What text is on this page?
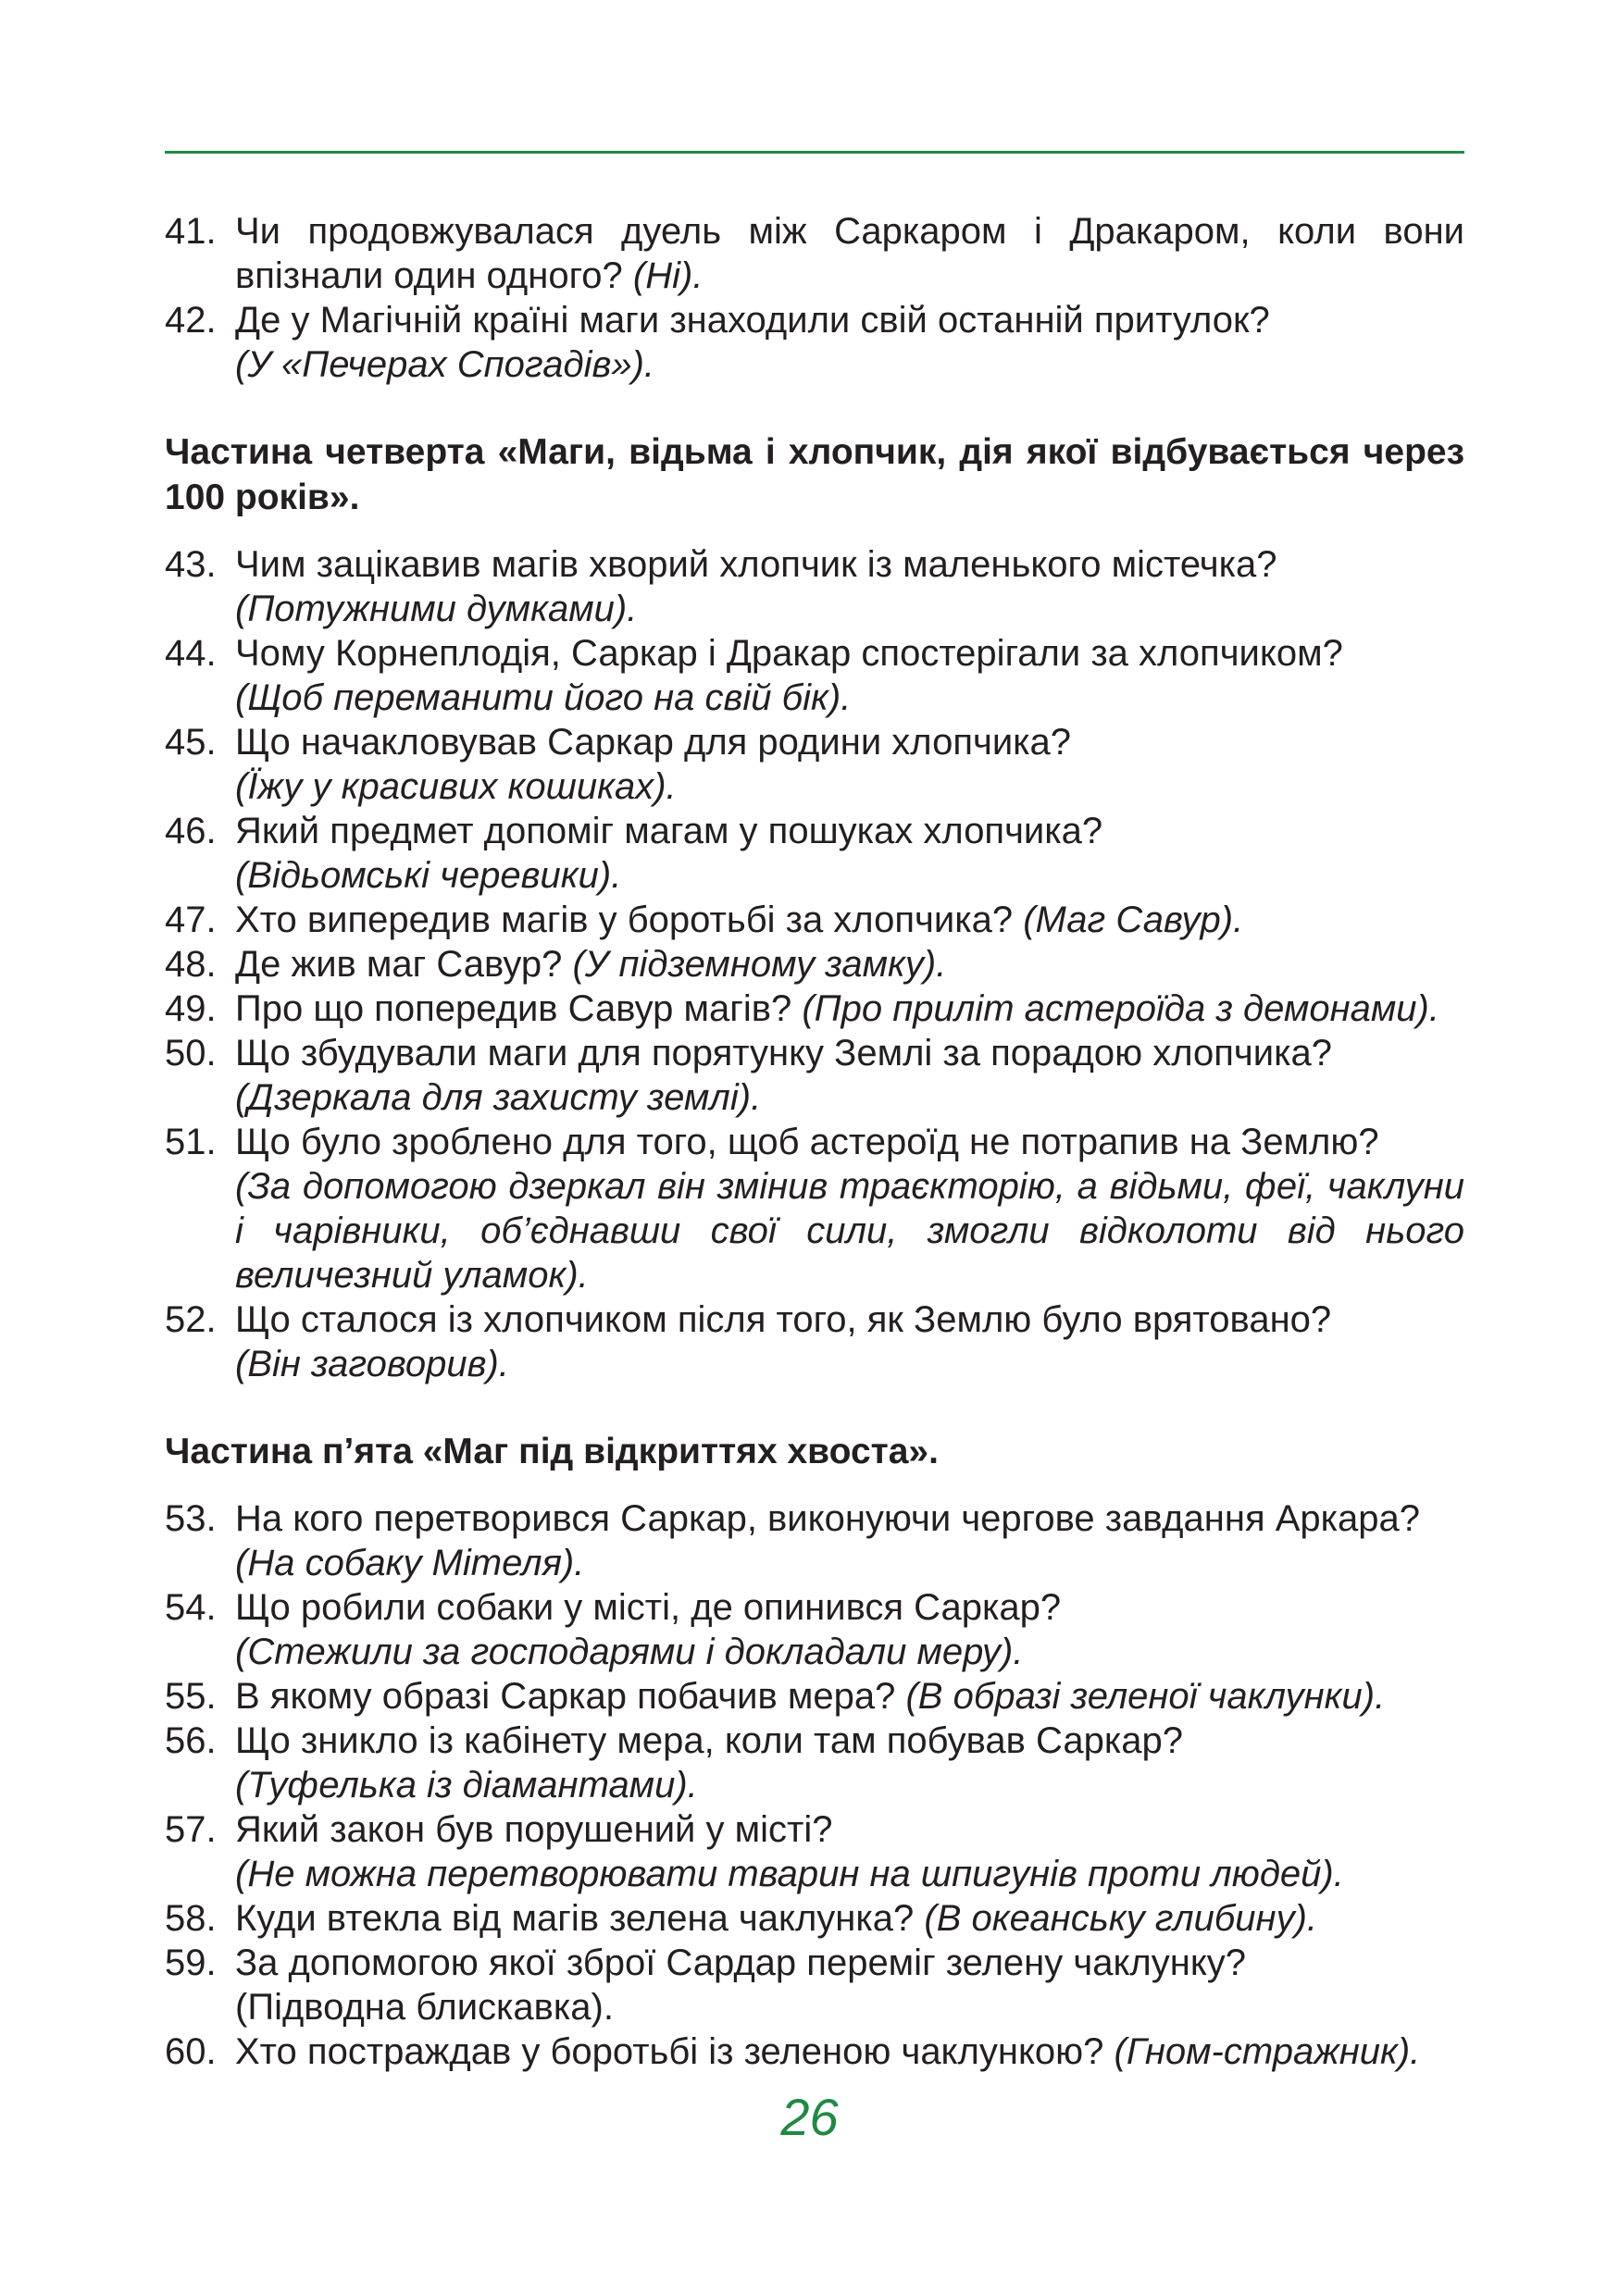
41. Чи продовжувалася дуель між Саркаром і Дракаром, коли вони впізнали один одного? (Ні).
42. Де у Магічній країні маги знаходили свій останній притулок?
(У «Печерах Спогадів»).
Частина четверта «Маги, відьма і хлопчик, дія якої відбувається через 100 років».
43. Чим зацікавив магів хворий хлопчик із маленького містечка?
(Потужними думками).
44. Чому Корнеплодія, Саркар і Дракар спостерігали за хлопчиком?
(Щоб переманити його на свій бік).
45. Що начакловував Саркар для родини хлопчика?
(Їжу у красивих кошиках).
46. Який предмет допоміг магам у пошуках хлопчика?
(Відьомські черевики).
47. Хто випередив магів у боротьбі за хлопчика? (Маг Савур).
48. Де жив маг Савур? (У підземному замку).
49. Про що попередив Савур магів? (Про приліт астероїда з демонами).
50. Що збудували маги для порятунку Землі за порадою хлопчика?
(Дзеркала для захисту землі).
51. Що було зроблено для того, щоб астероїд не потрапив на Землю?
(За допомогою дзеркал він змінив траєкторію, а відьми, феї, чаклуни і чарівники, об’єднавши свої сили, змогли відколоти від нього величезний уламок).
52. Що сталося із хлопчиком після того, як Землю було врятовано?
(Він заговорив).
Частина п’ята «Маг під відкриттях хвоста».
53. На кого перетворився Саркар, виконуючи чергове завдання Аркара?
(На собаку Мітеля).
54. Що робили собаки у місті, де опинився Саркар?
(Стежили за господарями і докладали меру).
55. В якому образі Саркар побачив мера? (В образі зеленої чаклунки).
56. Що зникло із кабінету мера, коли там побував Саркар?
(Туфелька із діамантами).
57. Який закон був порушений у місті?
(Не можна перетворювати тварин на шпигунів проти людей).
58. Куди втекла від магів зелена чаклунка? (В океанську глибину).
59. За допомогою якої зброї Сардар переміг зелену чаклунку?
(Підводна блискавка).
60. Хто постраждав у боротьбі із зеленою чаклункою? (Гном-стражник).
26
